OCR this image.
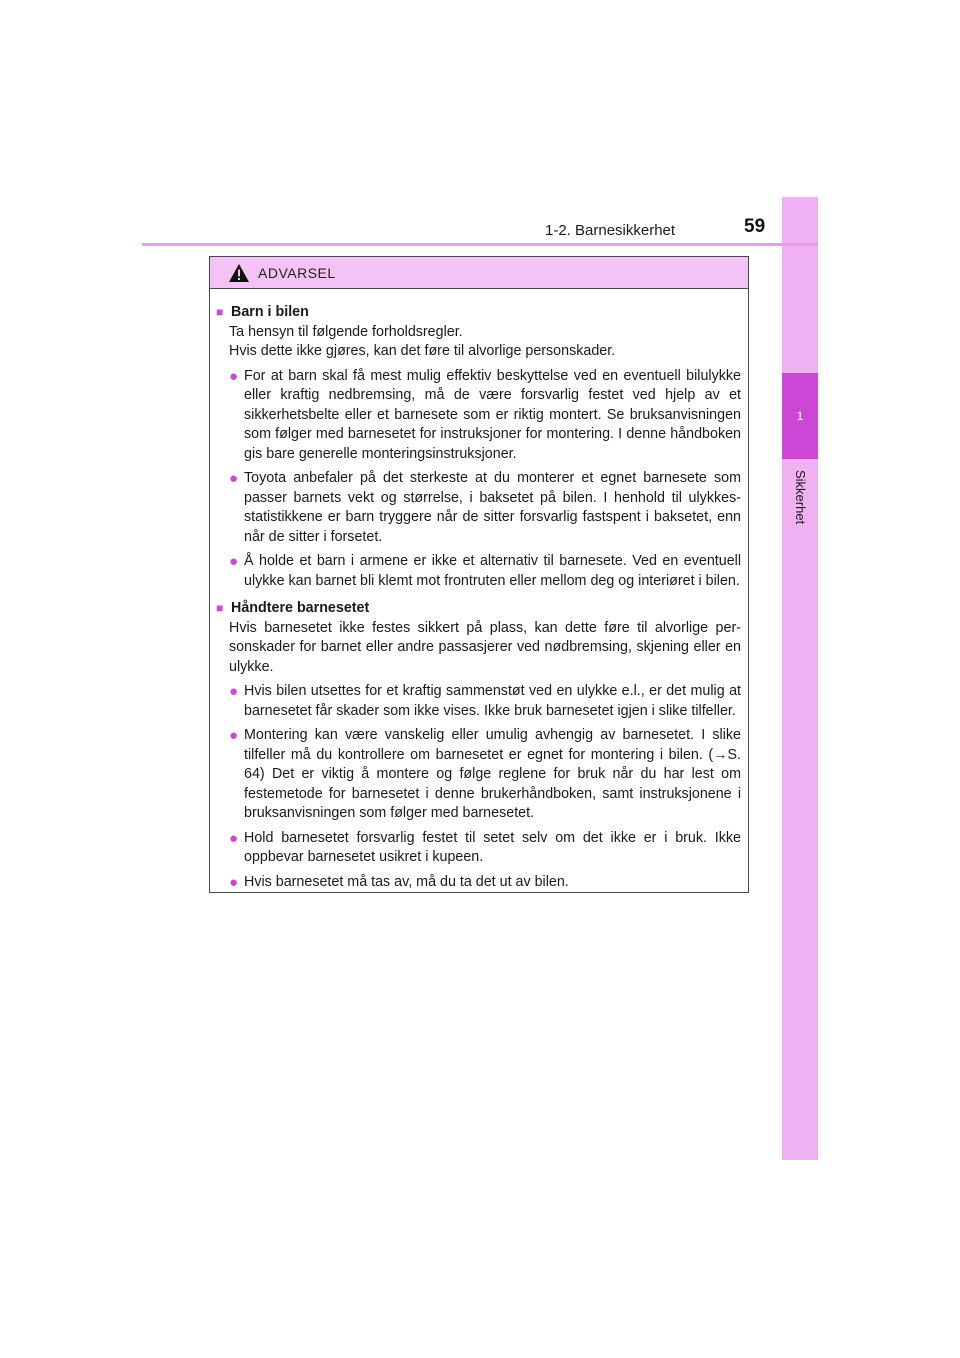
1
Sikkerhet
1-2. Barnesikkerhet	59
ADVARSEL
■ Barn i bilen

Ta hensyn til følgende forholdsregler.

Hvis dette ikke gjøres, kan det føre til alvorlige personskader.

● For at barn skal få mest mulig effektiv beskyttelse ved en eventuell bilulykke eller kraftig nedbremsing, må de være forsvarlig festet ved hjelp av et sikkerhetsbelte eller et barnesete som er riktig montert. Se bruksanvisningen som følger med barnesetet for instruksjoner for montering. I denne håndboken gis bare generelle monteringsinstruksjoner.
● Toyota anbefaler på det sterkeste at du monterer et egnet barnesete som passer barnets vekt og størrelse, i baksetet på bilen. I henhold til ulykkesstatistikkene er barn tryggere når de sitter forsvarlig fastspent i baksetet, enn når de sitter i forsetet.
● Å holde et barn i armene er ikke et alternativ til barnesete. Ved en eventuell ulykke kan barnet bli klemt mot frontruten eller mellom deg og interiøret i bilen.
■ Håndtere barnesetet

Hvis barnesetet ikke festes sikkert på plass, kan dette føre til alvorlige personskader for barnet eller andre passasjerer ved nødbremsing, skjening eller en ulykke.

● Hvis bilen utsettes for et kraftig sammenstøt ved en ulykke e.l., er det mulig at barnesetet får skader som ikke vises. Ikke bruk barnesetet igjen i slike tilfeller.
● Montering kan være vanskelig eller umulig avhengig av barnesetet. I slike tilfeller må du kontrollere om barnesetet er egnet for montering i bilen. (→S. 64) Det er viktig å montere og følge reglene for bruk når du har lest om festemetode for barnesetet i denne brukerhåndboken, samt instruksjonene i bruksanvisningen som følger med barnesetet.
● Hold barnesetet forsvarlig festet til setet selv om det ikke er i bruk. Ikke oppbevar barnesetet usikret i kupeen.
● Hvis barnesetet må tas av, må du ta det ut av bilen.
